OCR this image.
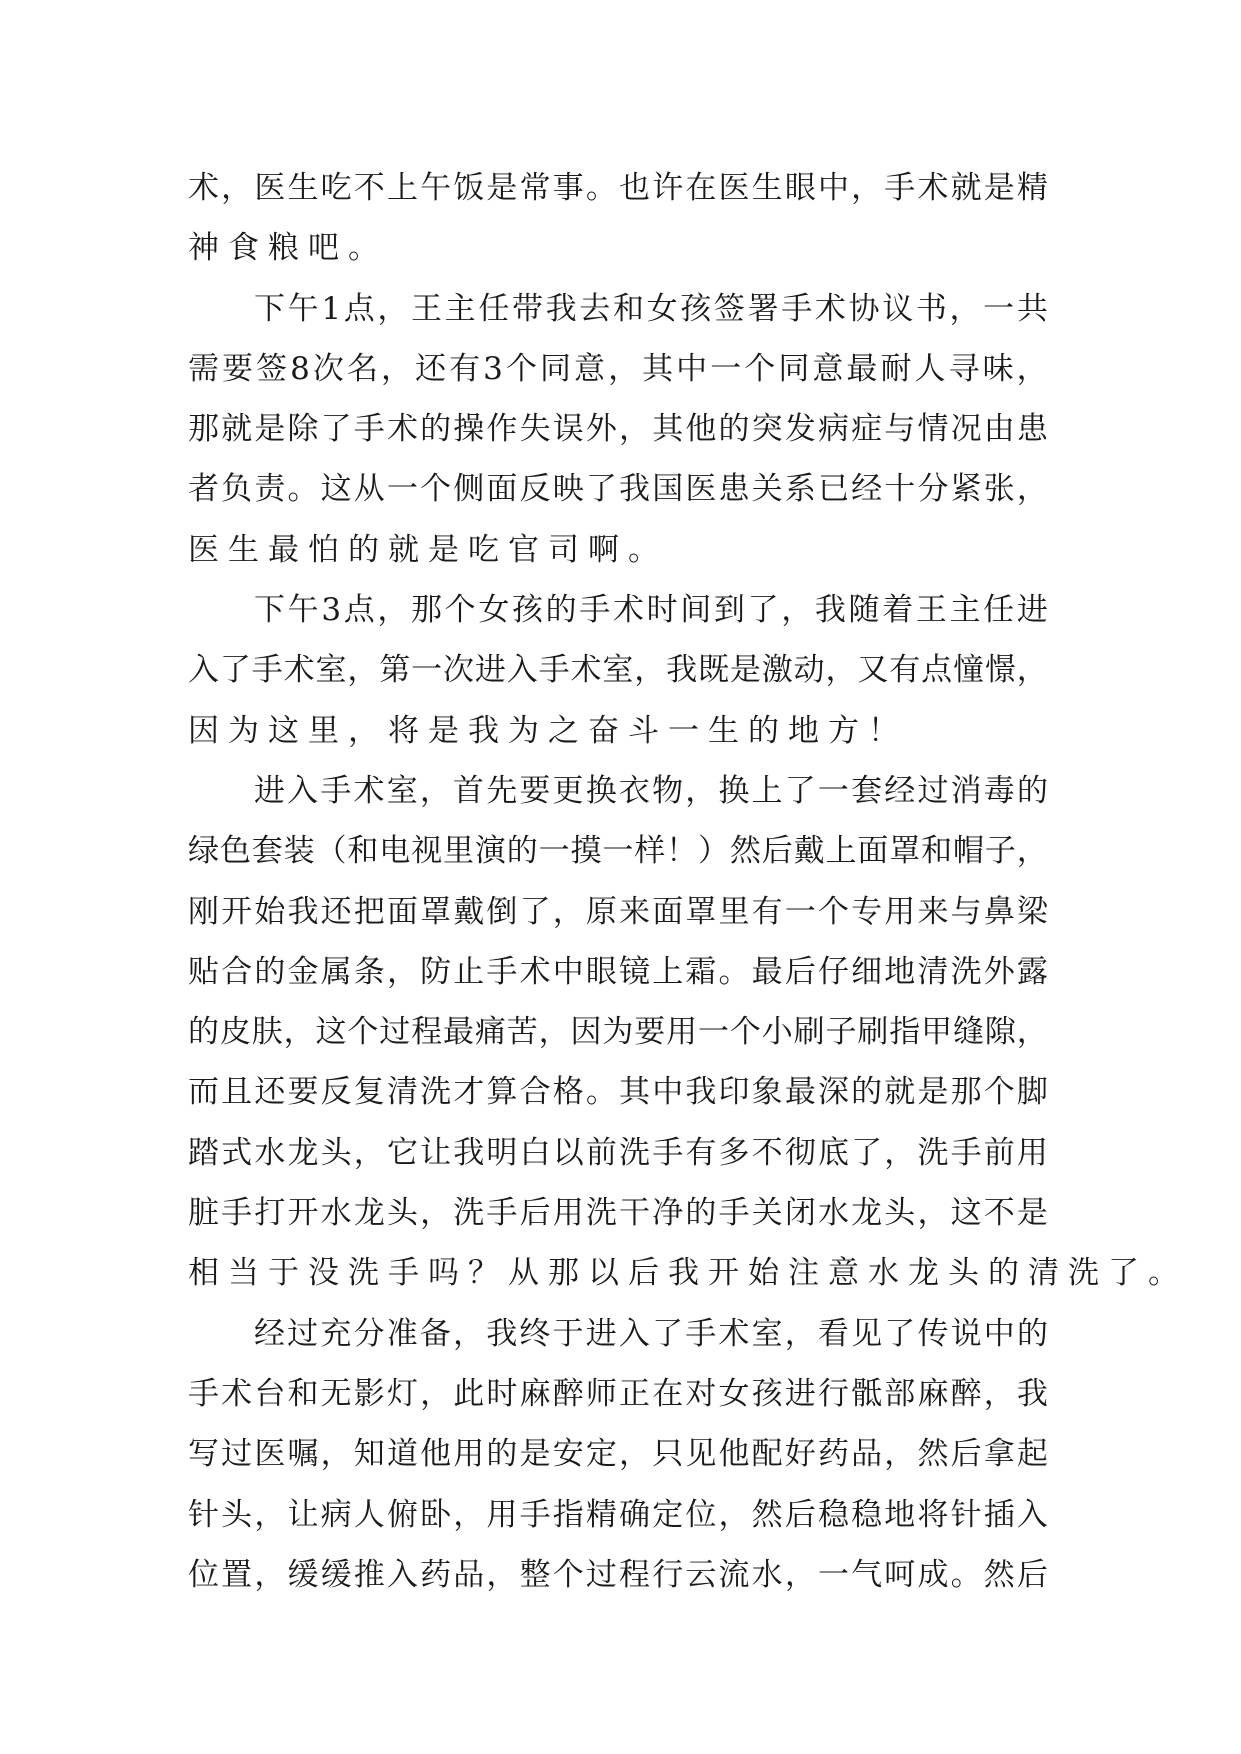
术 ， 医 生 吃 不 上 午 饭 是 常 事 。 也 许 在 医 生 眼 中 ， 手 术 就 是 精
神食粮吧。
下 午 1 点 ， 王 主 任 带 我 去 和 女 孩 签 署 手 术 协 议 书 ， 一 共
需 要 签 8 次 名 ， 还 有 3 个 同 意 ， 其 中 一 个 同 意 最 耐 人 寻 味 ，
那 就 是 除 了 手 术 的 操 作 失 误 外 ， 其 他 的 突 发 病 症 与 情 况 由 患
者 负 责 。 这 从 一 个 侧 面 反 映 了 我 国 医 患 关 系 已 经 十 分 紧 张 ，
医生最怕的就是吃官司啊。
下 午 3 点 ， 那 个 女 孩 的 手 术 时 间 到 了 ， 我 随 着 王 主 任 进
入 了 手 术 室 ， 第 一 次 进 入 手 术 室 ， 我 既 是 激 动 ， 又 有 点 憧 憬 ，
因为这里，将是我为之奋斗一生的地方！
进 入 手 术 室 ， 首 先 要 更 换 衣 物 ， 换 上 了 一 套 经 过 消 毒 的
绿 色 套 装 （ 和 电 视 里 演 的 一 摸 一 样 ！ ） 然 后 戴 上 面 罩 和 帽 子 ，
刚 开 始 我 还 把 面 罩 戴 倒 了 ， 原 来 面 罩 里 有 一 个 专 用 来 与 鼻 梁
贴 合 的 金 属 条 ， 防 止 手 术 中 眼 镜 上 霜 。 最 后 仔 细 地 清 洗 外 露
的 皮 肤 ， 这 个 过 程 最 痛 苦 ， 因 为 要 用 一 个 小 刷 子 刷 指 甲 缝 隙 ，
而 且 还 要 反 复 清 洗 才 算 合 格 。 其 中 我 印 象 最 深 的 就 是 那 个 脚
踏 式 水 龙 头 ， 它 让 我 明 白 以 前 洗 手 有 多 不 彻 底 了 ， 洗 手 前 用
脏 手 打 开 水 龙 头 ， 洗 手 后 用 洗 干 净 的 手 关 闭 水 龙 头 ， 这 不 是
相当于没洗手吗？从那以后我开始注意水龙头的清洗了。
经 过 充 分 准 备 ， 我 终 于 进 入 了 手 术 室 ， 看 见 了 传 说 中 的
手 术 台 和 无 影 灯 ， 此 时 麻 醉 师 正 在 对 女 孩 进 行 骶 部 麻 醉 ， 我
写 过 医 嘱 ， 知 道 他 用 的 是 安 定 ， 只 见 他 配 好 药 品 ， 然 后 拿 起
针 头 ， 让 病 人 俯 卧 ， 用 手 指 精 确 定 位 ， 然 后 稳 稳 地 将 针 插 入
位 置 ， 缓 缓 推 入 药 品 ， 整 个 过 程 行 云 流 水 ， 一 气 呵 成 。 然 后
